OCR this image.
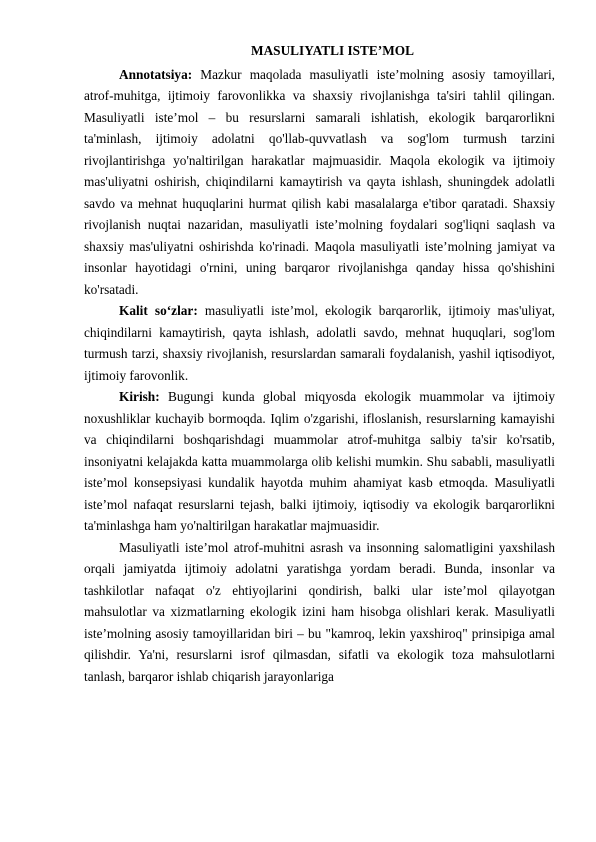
MASULIYATLI ISTE’MOL

Annotatsiya: Mazkur maqolada masuliyatli iste’molning asosiy tamoyillari, atrof-muhitga, ijtimoiy farovonlikka va shaxsiy rivojlanishga ta'siri tahlil qilingan. Masuliyatli iste’mol – bu resurslarni samarali ishlatish, ekologik barqarorlikni ta'minlash, ijtimoiy adolatni qo'llab-quvvatlash va sog'lom turmush tarzini rivojlantirishga yo'naltirilgan harakatlar majmuasidir. Maqola ekologik va ijtimoiy mas'uliyatni oshirish, chiqindilarni kamaytirish va qayta ishlash, shuningdek adolatli savdo va mehnat huquqlarini hurmat qilish kabi masalalarga e'tibor qaratadi. Shaxsiy rivojlanish nuqtai nazaridan, masuliyatli iste’molning foydalari sog'liqni saqlash va shaxsiy mas'uliyatni oshirishda ko'rinadi. Maqola masuliyatli iste’molning jamiyat va insonlar hayotidagi o'rnini, uning barqaror rivojlanishga qanday hissa qo'shishini ko'rsatadi.

Kalit so‘zlar: masuliyatli iste’mol, ekologik barqarorlik, ijtimoiy mas'uliyat, chiqindilarni kamaytirish, qayta ishlash, adolatli savdo, mehnat huquqlari, sog'lom turmush tarzi, shaxsiy rivojlanish, resurslardan samarali foydalanish, yashil iqtisodiyot, ijtimoiy farovonlik.

Kirish: Bugungi kunda global miqyosda ekologik muammolar va ijtimoiy noxushliklar kuchayib bormoqda. Iqlim o'zgarishi, ifloslanish, resurslarning kamayishi va chiqindilarni boshqarishdagi muammolar atrof-muhitga salbiy ta'sir ko'rsatib, insoniyatni kelajakda katta muammolarga olib kelishi mumkin. Shu sababli, masuliyatli iste’mol konsepsiyasi kundalik hayotda muhim ahamiyat kasb etmoqda. Masuliyatli iste’mol nafaqat resurslarni tejash, balki ijtimoiy, iqtisodiy va ekologik barqarorlikni ta'minlashga ham yo'naltirilgan harakatlar majmuasidir.

Masuliyatli iste’mol atrof-muhitni asrash va insonning salomatligini yaxshilash orqali jamiyatda ijtimoiy adolatni yaratishga yordam beradi. Bunda, insonlar va tashkilotlar nafaqat o'z ehtiyojlarini qondirish, balki ular iste’mol qilayotgan mahsulotlar va xizmatlarning ekologik izini ham hisobga olishlari kerak. Masuliyatli iste’molning asosiy tamoyillaridan biri – bu "kamroq, lekin yaxshiroq" prinsipiga amal qilishdir. Ya'ni, resurslarni isrof qilmasdan, sifatli va ekologik toza mahsulotlarni tanlash, barqaror ishlab chiqarish jarayonlariga
